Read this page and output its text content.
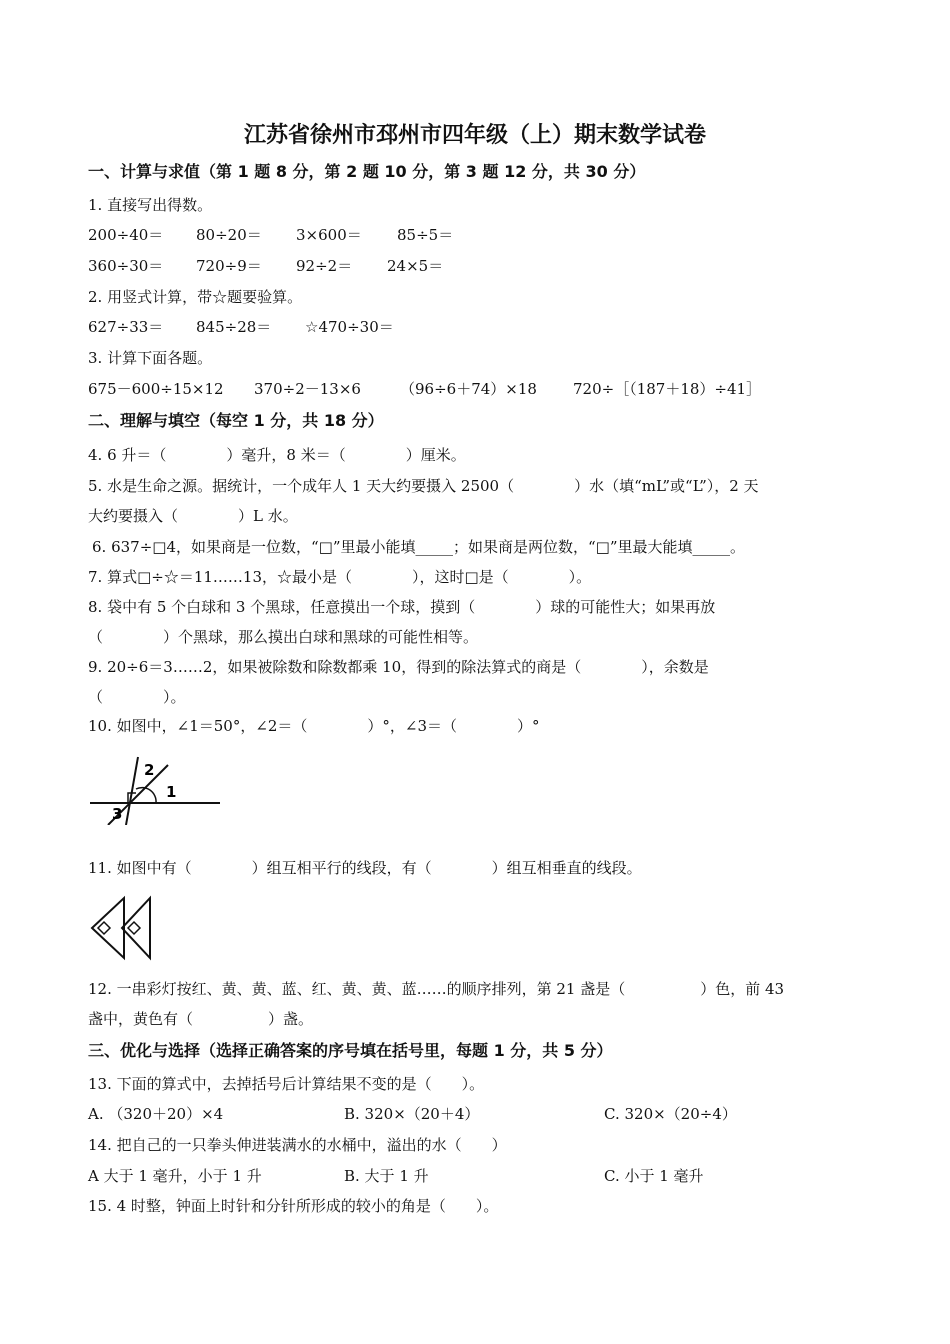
江苏省徐州市邳州市四年级（上）期末数学试卷
一、计算与求值（第 1 题 8 分，第 2 题 10 分，第 3 题 12 分，共 30 分）
1. 直接写出得数。
200÷40＝ 80÷20＝ 3×600＝ 85÷5＝
360÷30＝ 720÷9＝ 92÷2＝ 24×5＝
2. 用竖式计算，带☆题要验算。
627÷33＝ 845÷28＝ ☆470÷30＝
3. 计算下面各题。
675－600÷15×12 370÷2－13×6	（96÷6＋74）×18 720÷［（187＋18）÷41］
二、理解与填空（每空 1 分，共 18 分）
4. 6 升＝（　　　　）毫升，8 米＝（　　　　）厘米。
5. 水是生命之源。据统计，一个成年人 1 天大约要摄入 2500（　　　　）水（填“mL”或“L”），2 天
大约要摄入（　　　　）L 水。
6. 637÷□4，如果商是一位数，“□”里最小能填_____；如果商是两位数，“□”里最大能填_____。
7. 算式□÷☆＝11……13，☆最小是（　　　　），这时□是（　　　　）。
8. 袋中有 5 个白球和 3 个黑球，任意摸出一个球，摸到（　　　　）球的可能性大；如果再放
（　　　　）个黑球，那么摸出白球和黑球的可能性相等。
9. 20÷6＝3……2，如果被除数和除数都乘 10，得到的除法算式的商是（　　　　），余数是
（　　　　）。
10. 如图中，∠1＝50°，∠2＝（　　　　）°，∠3＝（　　　　）°
2
1
3
11. 如图中有（　　　　）组互相平行的线段，有（　　　　）组互相垂直的线段。
12. 一串彩灯按红、黄、黄、蓝、红、黄、黄、蓝……的顺序排列，第 21 盏是（　　　　　）色，前 43
盏中，黄色有（　　　　　）盏。
三、优化与选择（选择正确答案的序号填在括号里，每题 1 分，共 5 分）
13. 下面的算式中，去掉括号后计算结果不变的是（　　）。
A. （320＋20）×4	B. 320×（20＋4）	C. 320×（20÷4）
14. 把自己的一只拳头伸进装满水的水桶中，溢出的水（　　）
A 大于 1 毫升，小于 1 升	B. 大于 1 升	C. 小于 1 毫升
15. 4 时整，钟面上时针和分针所形成的较小的角是（　　）。
